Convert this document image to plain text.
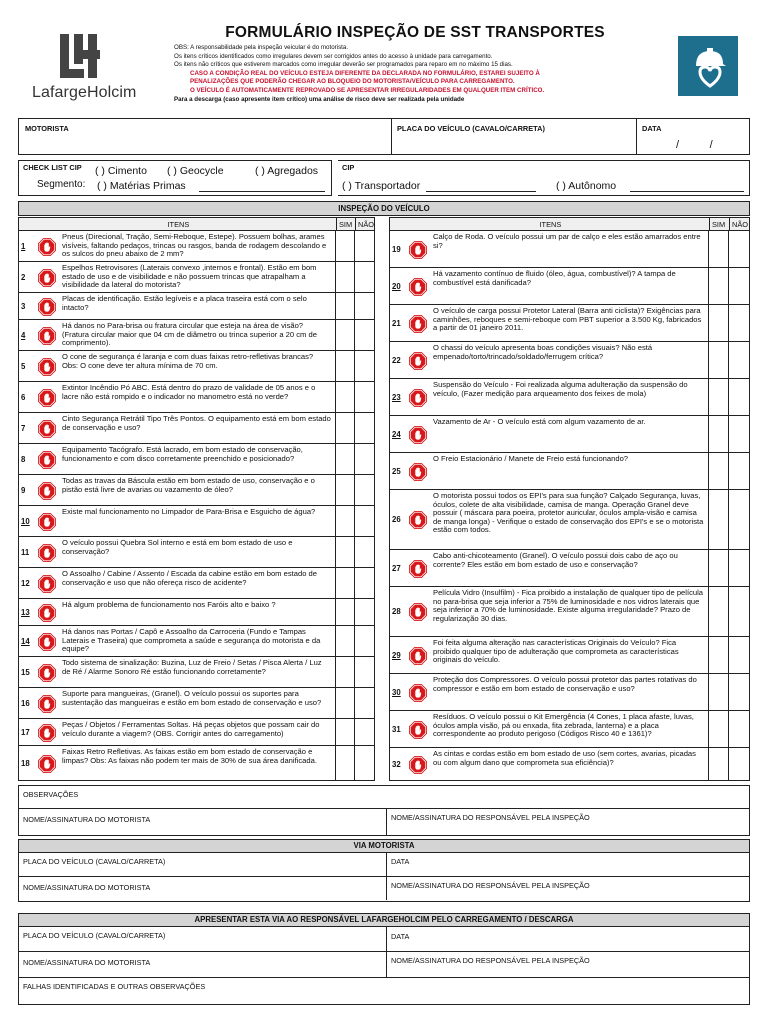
LafargeHolcim
FORMULÁRIO INSPEÇÃO DE SST TRANSPORTES
OBS: A responsabilidade pela inspeção veicular é do motorista.
Os itens críticos identificados como irregulares devem ser corrigidos antes do acesso à unidade para carregamento.
Os itens não críticos que estiverem marcados como irregular deverão ser programados para reparo em no máximo 15 dias.
CASO A CONDIÇÃO REAL DO VEÍCULO ESTEJA DIFERENTE DA DECLARADA NO FORMULÁRIO, ESTAREI SUJEITO À
PENALIZAÇÕES QUE PODERÃO CHEGAR AO BLOQUEIO DO MOTORISTA/VEÍCULO PARA CARREGAMENTO.
O VEÍCULO É AUTOMATICAMENTE REPROVADO SE APRESENTAR IRREGULARIDADES EM QUALQUER ITEM CRÍTICO.
Para a descarga (caso apresente item crítico) uma análise de risco deve ser realizada pela unidade
MOTORISTA	PLACA DO VEÍCULO (CAVALO/CARRETA)	DATA
/          /
CHECK LIST CIP
Segmento:
( ) Cimento ( ) Geocycle	( ) Agregados
( ) Matérias Primas
CIP
( ) Transportador	( ) Autônomo
INSPEÇÃO DO VEÍCULO
ITENS	SIM NÃO
1
Pneus (Direcional, Tração, Semi-Reboque, Estepe). Possuem bolhas, arames visíveis, faltando pedaços, trincas ou rasgos, banda de rodagem descolando e os sulcos do pneu abaixo de 2 mm?
2
Espelhos Retrovisores (Laterais convexo ,internos e frontal). Estão em bom estado de uso e de visibilidade e não possuem trincas que atrapalham a visibilidade da lateral do motorista?
3
Placas de identificação. Estão legíveis e a placa traseira está com o selo intacto?
4
Há danos no Para-brisa ou fratura circular que esteja na área de visão? (Fratura circular maior que 04 cm de diâmetro ou trinca superior a 20 cm de comprimento).
5
O cone de segurança é laranja e com duas faixas retro-refletivas brancas? Obs: O cone deve ter altura mínima de 70 cm.
6
Extintor Incêndio Pó ABC. Está dentro do prazo de validade de 05 anos e o lacre não está rompido e o indicador no manometro está no verde?
7
Cinto Segurança Retrátil Tipo Três Pontos. O equipamento está em bom estado de conservação e uso?
8
Equipamento Tacógrafo. Está lacrado, em bom estado de conservação, funcionamento e com disco corretamente preenchido e posicionado?
9
Todas as travas da Báscula estão em bom estado de uso, conservação e o pistão está livre de avarias ou vazamento de óleo?
10
Existe mal funcionamento no Limpador de Para-Brisa e Esguicho de água?
11
O veículo possui Quebra Sol interno e está em bom estado de uso e conservação?
12
O Assoalho / Cabine / Assento / Escada da cabine estão em bom estado de conservação e uso que não ofereça risco de acidente?
13
Há algum problema de funcionamento nos Faróis alto e baixo ?
14
Há danos nas Portas / Capô e Assoalho da Carroceria (Fundo e Tampas Laterais e Traseira) que comprometa a saúde e segurança do motorista e da equipe?
15
Todo sistema de sinalização: Buzina, Luz de Freio / Setas / Pisca Alerta / Luz de Ré / Alarme Sonoro Ré estão funcionando corretamente?
16
Suporte para mangueiras, (Granel). O veículo possui os suportes para sustentação das mangueiras e estão em bom estado de conservação e uso?
17
Peças / Objetos / Ferramentas Soltas. Há peças objetos que possam cair do veículo durante a viagem? (OBS. Corrigir antes do carregamento)
18
Faixas Retro Refletivas. As faixas estão em bom estado de conservação e limpas? Obs: As faixas não podem ter mais de 30% de sua área danificada.
ITENS	SIM NÃO
19
Calço de Roda. O veículo possui um par de calço e eles estão amarrados entre si?
20
Há vazamento contínuo de fluido (óleo, água, combustível)? A tampa de combustível está danificada?
21
O veículo de carga possui Protetor Lateral (Barra anti ciclista)? Exigências para caminhões, reboques e semi-reboque com PBT superior a 3.500 Kg, fabricados a partir de 01 janeiro 2011.
22
O chassi do veículo apresenta boas condições visuais? Não está empenado/torto/trincado/soldado/ferrugem crítica?
23
Suspensão do Veículo - Foi realizada alguma adulteração da suspensão do veículo, (Fazer medição para arqueamento dos feixes de mola)
24
Vazamento de Ar - O veículo está com algum vazamento de ar.
25
O Freio Estacionário / Manete de Freio está funcionando?
26
O motorista possui todos os EPI's para sua função? Calçado Segurança, luvas, óculos, colete de alta visibilidade, camisa de manga. Operação Granel deve possuir ( máscara para poeira, protetor auricular, óculos ampla-visão e camisa de manga longa) - Verifique o estado de conservação dos EPI's e se o motorista estão com todos.
27
Cabo anti-chicoteamento (Granel). O veículo possui dois cabo de aço ou corrente? Eles estão em bom estado de uso e conservação?
28
Película Vidro (Insulfilm) - Fica proibido a instalação de qualquer tipo de película no para-brisa que seja inferior a 75% de luminosidade e nos vidros laterais que seja inferior a 70% de luminosidade. Existe alguma irregularidade? Prazo de regularização 30 dias.
29
Foi feita alguma alteração nas características Originais do Veículo? Fica proibido qualquer tipo de adulteração que comprometa as características originais do veículo.
30
Proteção dos Compressores. O veículo possui protetor das partes rotativas do compressor e estão em bom estado de conservação e uso?
31
Resíduos. O veículo possui o Kit Emergência (4 Cones, 1 placa afaste, luvas, óculos ampla visão, pá ou enxada, fita zebrada, lanterna) e a placa correspondente ao produto perigoso (Códigos Risco 40 e 1361)?
32
As cintas e cordas estão em bom estado de uso (sem cortes, avarias, picadas ou com algum dano que comprometa sua eficiência)?
OBSERVAÇÕES
NOME/ASSINATURA DO MOTORISTA	NOME/ASSINATURA DO RESPONSÁVEL PELA INSPEÇÃO
VIA MOTORISTA
PLACA DO VEÍCULO (CAVALO/CARRETA)	DATA
NOME/ASSINATURA DO MOTORISTA	NOME/ASSINATURA DO RESPONSÁVEL PELA INSPEÇÃO
APRESENTAR ESTA VIA AO RESPONSÁVEL LAFARGEHOLCIM PELO CARREGAMENTO / DESCARGA
PLACA DO VEÍCULO (CAVALO/CARRETA)	DATA
NOME/ASSINATURA DO MOTORISTA	NOME/ASSINATURA DO RESPONSÁVEL PELA INSPEÇÃO
FALHAS IDENTIFICADAS E OUTRAS OBSERVAÇÕES
